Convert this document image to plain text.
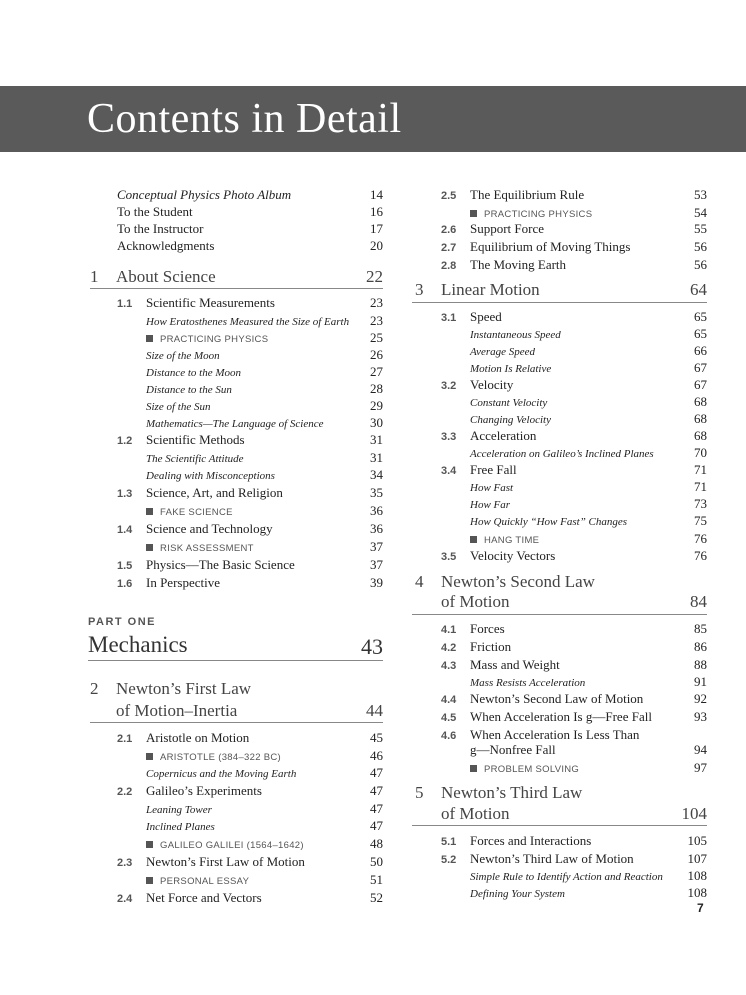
Contents in Detail
Conceptual Physics Photo Album	14
To the Student	16
To the Instructor	17
Acknowledgments	20
1 About Science	22
1.1	Scientific Measurements	23
How Eratosthenes Measured the Size of Earth	23
PRACTICING PHYSICS	25
Size of the Moon	26
Distance to the Moon	27
Distance to the Sun	28
Size of the Sun	29
Mathematics—The Language of Science	30
1.2	Scientific Methods	31
The Scientific Attitude	31
Dealing with Misconceptions	34
1.3	Science, Art, and Religion	35
FAKE SCIENCE	36
1.4	Science and Technology	36
RISK ASSESSMENT	37
1.5	Physics—The Basic Science	37
1.6	In Perspective	39
PART ONE
Mechanics	43
2 Newton’s First Law
of Motion–Inertia	44
2.1	Aristotle on Motion	45
ARISTOTLE (384–322 BC)	46
Copernicus and the Moving Earth	47
2.2	Galileo’s Experiments	47
Leaning Tower	47
Inclined Planes	47
GALILEO GALILEI (1564–1642)	48
2.3	Newton’s First Law of Motion	50
PERSONAL ESSAY	51
2.4	Net Force and Vectors	52
2.5	The Equilibrium Rule	53
PRACTICING PHYSICS	54
2.6	Support Force	55
2.7	Equilibrium of Moving Things	56
2.8	The Moving Earth	56
3 Linear Motion	64
3.1	Speed	65
Instantaneous Speed	65
Average Speed	66
Motion Is Relative	67
3.2	Velocity	67
Constant Velocity	68
Changing Velocity	68
3.3	Acceleration	68
Acceleration on Galileo’s Inclined Planes	70
3.4	Free Fall	71
How Fast	71
How Far	73
How Quickly “How Fast” Changes	75
HANG TIME	76
3.5	Velocity Vectors	76
4 Newton’s Second Law
of Motion	84
4.1	Forces	85
4.2	Friction	86
4.3	Mass and Weight	88
Mass Resists Acceleration	91
4.4	Newton’s Second Law of Motion	92
4.5	When Acceleration Is g—Free Fall	93
4.6	When Acceleration Is Less Than
g—Nonfree Fall	94
PROBLEM SOLVING	97
5 Newton’s Third Law
of Motion	104
5.1	Forces and Interactions	105
5.2	Newton’s Third Law of Motion	107
Simple Rule to Identify Action and Reaction	108
Defining Your System	108
7
